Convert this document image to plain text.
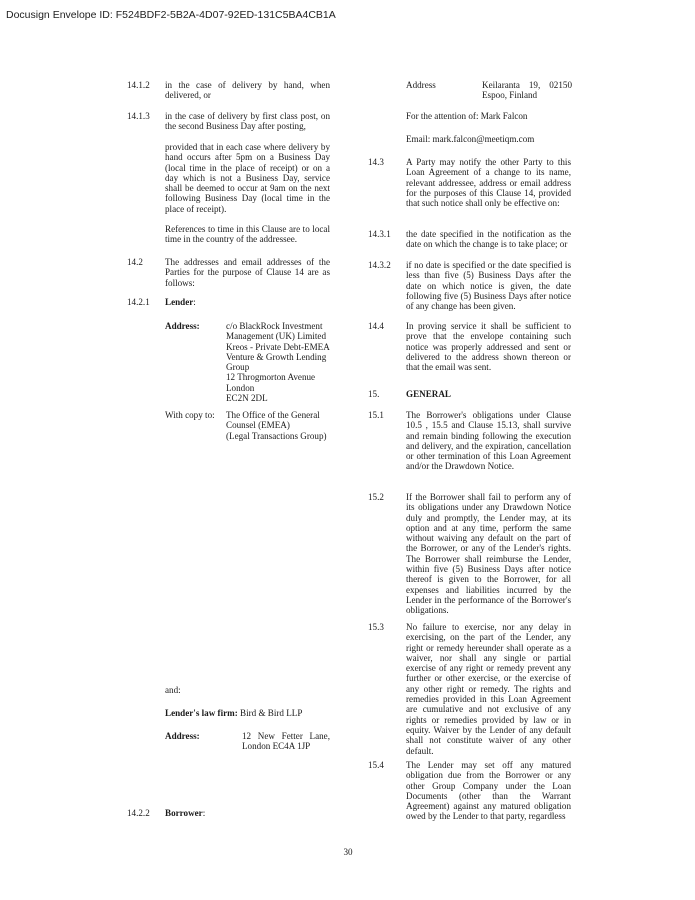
Docusign Envelope ID: F524BDF2-5B2A-4D07-92ED-131C5BA4CB1A
14.1.2	in the case of delivery by hand, when delivered, or
14.1.3	in the case of delivery by first class post, on the second Business Day after posting,
provided that in each case where delivery by hand occurs after 5pm on a Business Day (local time in the place of receipt) or on a day which is not a Business Day, service shall be deemed to occur at 9am on the next following Business Day (local time in the place of receipt).
References to time in this Clause are to local time in the country of the addressee.
14.2	The addresses and email addresses of the Parties for the purpose of Clause 14 are as follows:
14.2.1	Lender:
Address:	c/o BlackRock Investment
Management (UK) Limited
Kreos - Private Debt-EMEA
Venture & Growth Lending
Group
12 Throgmorton Avenue
London
EC2N 2DL
With copy to: The Office of the General
Counsel (EMEA)
(Legal Transactions Group)
and:
Lender's law firm: Bird & Bird LLP
Address:	12 New Fetter Lane,
London EC4A 1JP
14.2.2	Borrower:
Address	Keilaranta 19, 02150
Espoo, Finland
For the attention of: Mark Falcon
Email: mark.falcon@meetiqm.com
14.3	A Party may notify the other Party to this Loan Agreement of a change to its name, relevant addressee, address or email address for the purposes of this Clause 14, provided that such notice shall only be effective on:
14.3.1	the date specified in the notification as the date on which the change is to take place; or
14.3.2	if no date is specified or the date specified is less than five (5) Business Days after the date on which notice is given, the date following five (5) Business Days after notice of any change has been given.
14.4	In proving service it shall be sufficient to prove that the envelope containing such notice was properly addressed and sent or delivered to the address shown thereon or that the email was sent.
15.	GENERAL
15.1	The Borrower's obligations under Clause 10.5 , 15.5 and Clause 15.13, shall survive and remain binding following the execution and delivery, and the expiration, cancellation or other termination of this Loan Agreement and/or the Drawdown Notice.
15.2	If the Borrower shall fail to perform any of its obligations under any Drawdown Notice duly and promptly, the Lender may, at its option and at any time, perform the same without waiving any default on the part of the Borrower, or any of the Lender's rights. The Borrower shall reimburse the Lender, within five (5) Business Days after notice thereof is given to the Borrower, for all expenses and liabilities incurred by the Lender in the performance of the Borrower's obligations.
15.3	No failure to exercise, nor any delay in exercising, on the part of the Lender, any right or remedy hereunder shall operate as a waiver, nor shall any single or partial exercise of any right or remedy prevent any further or other exercise, or the exercise of any other right or remedy. The rights and remedies provided in this Loan Agreement are cumulative and not exclusive of any rights or remedies provided by law or in equity. Waiver by the Lender of any default shall not constitute waiver of any other default.
15.4	The Lender may set off any matured obligation due from the Borrower or any other Group Company under the Loan Documents (other than the Warrant Agreement) against any matured obligation owed by the Lender to that party, regardless
30
